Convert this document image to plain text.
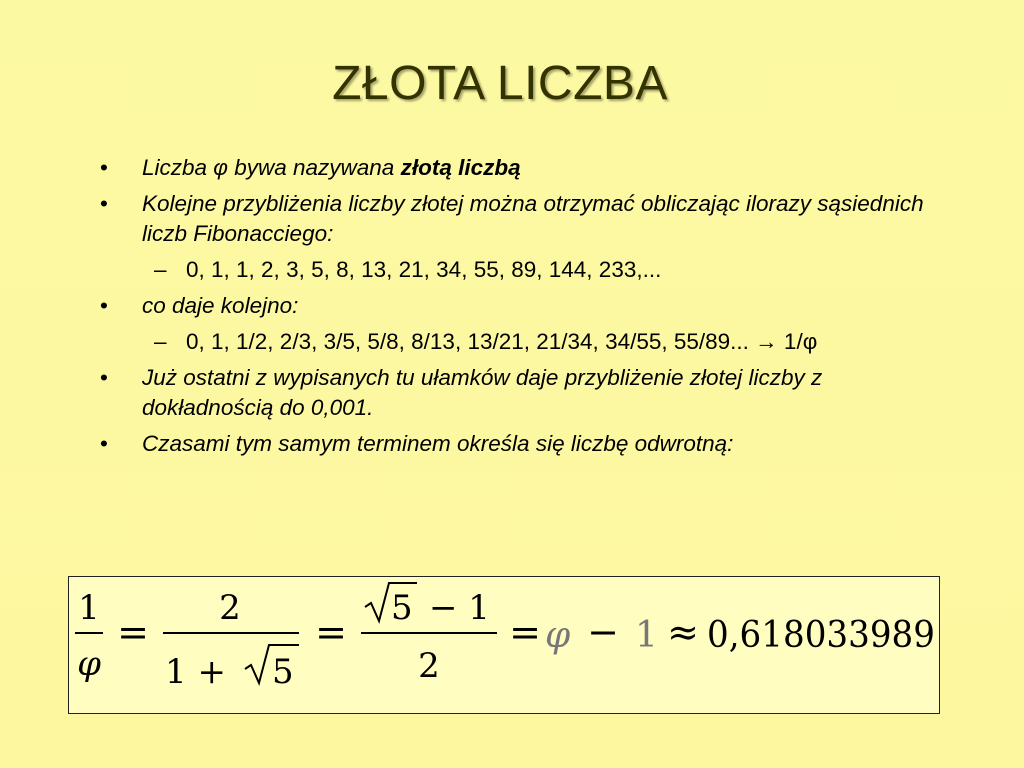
ZŁOTA LICZBA
• Liczba φ bywa nazywana złotą liczbą
• Kolejne przybliżenia liczby złotej można otrzymać obliczając ilorazy sąsiednich liczb Fibonacciego:
– 0, 1, 1, 2, 3, 5, 8, 13, 21, 34, 55, 89, 144, 233,...
• co daje kolejno:
– 0, 1, 1/2, 2/3, 3/5, 5/8, 8/13, 13/21, 21/34, 34/55, 55/89... → 1/φ
• Już ostatni z wypisanych tu ułamków daje przybliżenie złotej liczby z dokładnością do 0,001.
• Czasami tym samym terminem określa się liczbę odwrotną:
1
φ
=
2
1 + 5
=
5 − 1
2
= φ − 1 ≈ 0,618033989
